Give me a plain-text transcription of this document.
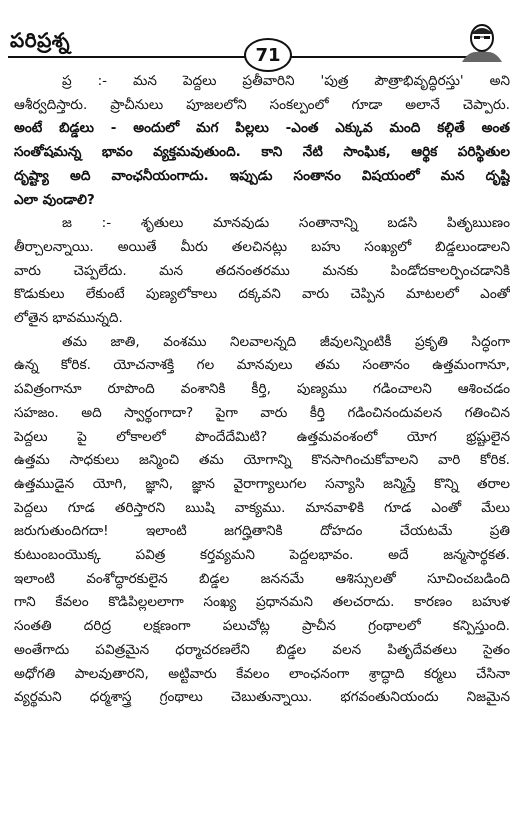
పరిప్రశ్న
71
ప్ర :- మన పెద్దలు ప్రతీవారిని 'పుత్ర పౌత్రాభివృద్ధిరస్తు' అని
ఆశీర్వదిస్తారు. ప్రాచీనులు పూజలలోని సంకల్పంలో గూడా అలానే చెప్పారు.
అంటే బిడ్డలు - అందులో మగ పిల్లలు -ఎంత ఎక్కువ మంది కల్గితే అంత
సంతోషమన్న భావం వ్యక్తమవుతుంది. కాని నేటి సాంఘిక, ఆర్థిక పరిస్థితుల
దృష్ట్యా అది వాంఛనీయంగాదు. ఇప్పుడు సంతానం విషయంలో మన దృష్టి
ఎలా వుండాలి?
జ :- శృతులు మానవుడు సంతానాన్ని బడసి పితృఋణం
తీర్చాలన్నాయి. అయితే మీరు తలచినట్లు బహు సంఖ్యలో బిడ్డలుండాలని
వారు చెప్పలేదు. మన తదనంతరము మనకు పిండోదకాలర్పించడానికి
కొడుకులు లేకుంటే పుణ్యలోకాలు దక్కవని వారు చెప్పిన మాటలలో ఎంతో
లోతైన భావమున్నది.
తమ జాతి, వంశము నిలవాలన్నది జీవులన్నింటికీ ప్రకృతి సిద్ధంగా
ఉన్న కోరిక. యోచనాశక్తి గల మానవులు తమ సంతానం ఉత్తమంగానూ,
పవిత్రంగానూ రూపొంది వంశానికి కీర్తి, పుణ్యము గడించాలని ఆశించడం
సహజం. అది స్వార్థంగాదా? పైగా వారు కీర్తి గడించినందువలన గతించిన
పెద్దలు పై లోకాలలో పొందేదేమిటి? ఉత్తమవంశంలో యోగ భ్రష్టులైన
ఉత్తమ సాధకులు జన్మించి తమ యోగాన్ని కొనసాగించుకోవాలని వారి కోరిక.
ఉత్తముడైన యోగి, జ్ఞాని, జ్ఞాన వైరాగ్యాలుగల సన్యాసి జన్మిస్తే కొన్ని తరాల
పెద్దలు గూడ తరిస్తారని ఋషి వాక్యము. మానవాళికి గూడ ఎంతో మేలు
జరుగుతుందిగదా! ఇలాంటి జగద్హితానికి దోహదం చేయటమే ప్రతి
కుటుంబంయొక్క పవిత్ర కర్తవ్యమని పెద్దలభావం. అదే జన్మసార్థకత.
ఇలాంటి వంశోద్ధారకులైన బిడ్డల జననమే ఆశిస్సులతో సూచించబడింది
గాని కేవలం కొడిపిల్లలలాగా సంఖ్య ప్రధానమని తలచరాదు. కారణం బహుళ
సంతతి దరిద్ర లక్షణంగా పలుచోట్ల ప్రాచీన గ్రంథాలలో కన్పిస్తుంది.
అంతేగాదు పవిత్రమైన ధర్మాచరణలేని బిడ్డల వలన పితృదేవతలు సైతం
అధోగతి పాలవుతారని, అట్టివారు కేవలం లాంఛనంగా శ్రాద్ధాది కర్మలు చేసినా
వ్యర్థమని ధర్మశాస్త్ర గ్రంథాలు చెబుతున్నాయి. భగవంతునియందు నిజమైన
